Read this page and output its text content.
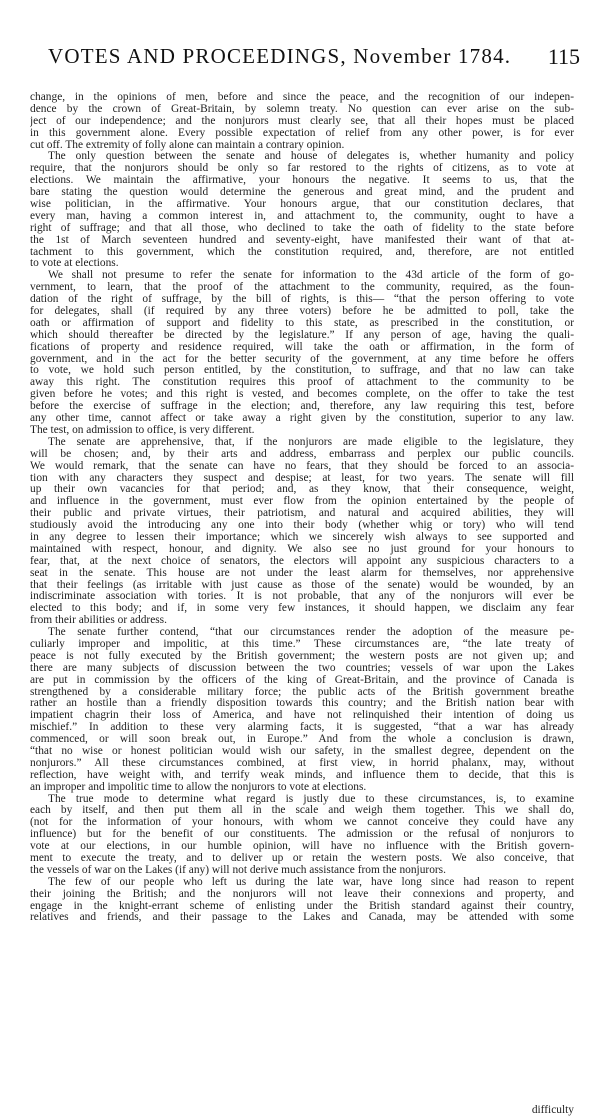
VOTES AND PROCEEDINGS, November 1784. 115
change, in the opinions of men, before and since the peace, and the recognition of our indepen-
dence by the crown of Great-Britain, by solemn treaty. No question can ever arise on the sub-
ject of our independence; and the nonjurors must clearly see, that all their hopes must be placed
in this government alone. Every possible expectation of relief from any other power, is for ever
cut off. The extremity of folly alone can maintain a contrary opinion.
The only question between the senate and house of delegates is, whether humanity and policy
require, that the nonjurors should be only so far restored to the rights of citizens, as to vote at
elections. We maintain the affirmative, your honours the negative. It seems to us, that the
bare stating the question would determine the generous and great mind, and the prudent and
wise politician, in the affirmative. Your honours argue, that our constitution declares, that
every man, having a common interest in, and attachment to, the community, ought to have a
right of suffrage; and that all those, who declined to take the oath of fidelity to the state before
the 1st of March seventeen hundred and seventy-eight, have manifested their want of that at-
tachment to this government, which the constitution required, and, therefore, are not entitled
to vote at elections.
We shall not presume to refer the senate for information to the 43d article of the form of go-
vernment, to learn, that the proof of the attachment to the community, required, as the foun-
dation of the right of suffrage, by the bill of rights, is this— “that the person offering to vote
for delegates, shall (if required by any three voters) before he be admitted to poll, take the
oath or affirmation of support and fidelity to this state, as prescribed in the constitution, or
which should thereafter be directed by the legislature.” If any person of age, having the quali-
fications of property and residence required, will take the oath or affirmation, in the form of
government, and in the act for the better security of the government, at any time before he offers
to vote, we hold such person entitled, by the constitution, to suffrage, and that no law can take
away this right. The constitution requires this proof of attachment to the community to be
given before he votes; and this right is vested, and becomes complete, on the offer to take the test
before the exercise of suffrage in the election; and, therefore, any law requiring this test, before
any other time, cannot affect or take away a right given by the constitution, superior to any law.
The test, on admission to office, is very different.
The senate are apprehensive, that, if the nonjurors are made eligible to the legislature, they
will be chosen; and, by their arts and address, embarrass and perplex our public councils.
We would remark, that the senate can have no fears, that they should be forced to an associa-
tion with any characters they suspect and despise; at least, for two years. The senate will fill
up their own vacancies for that period; and, as they know, that their consequence, weight,
and influence in the government, must ever flow from the opinion entertained by the people of
their public and private virtues, their patriotism, and natural and acquired abilities, they will
studiously avoid the introducing any one into their body (whether whig or tory) who will tend
in any degree to lessen their importance; which we sincerely wish always to see supported and
maintained with respect, honour, and dignity. We also see no just ground for your honours to
fear, that, at the next choice of senators, the electors will appoint any suspicious characters to a
seat in the senate. This house are not under the least alarm for themselves, nor apprehensive
that their feelings (as irritable with just cause as those of the senate) would be wounded, by an
indiscriminate association with tories. It is not probable, that any of the nonjurors will ever be
elected to this body; and if, in some very few instances, it should happen, we disclaim any fear
from their abilities or address.
The senate further contend, “that our circumstances render the adoption of the measure pe-
culiarly improper and impolitic, at this time.” These circumstances are, “the late treaty of
peace is not fully executed by the British government; the western posts are not given up; and
there are many subjects of discussion between the two countries; vessels of war upon the Lakes
are put in commission by the officers of the king of Great-Britain, and the province of Canada is
strengthened by a considerable military force; the public acts of the British government breathe
rather an hostile than a friendly disposition towards this country; and the British nation bear with
impatient chagrin their loss of America, and have not relinquished their intention of doing us
mischief.” In addition to these very alarming facts, it is suggested, “that a war has already
commenced, or will soon break out, in Europe.” And from the whole a conclusion is drawn,
“that no wise or honest politician would wish our safety, in the smallest degree, dependent on the
nonjurors.” All these circumstances combined, at first view, in horrid phalanx, may, without
reflection, have weight with, and terrify weak minds, and influence them to decide, that this is
an improper and impolitic time to allow the nonjurors to vote at elections.
The true mode to determine what regard is justly due to these circumstances, is, to examine
each by itself, and then put them all in the scale and weigh them together. This we shall do,
(not for the information of your honours, with whom we cannot conceive they could have any
influence) but for the benefit of our constituents. The admission or the refusal of nonjurors to
vote at our elections, in our humble opinion, will have no influence with the British govern-
ment to execute the treaty, and to deliver up or retain the western posts. We also conceive, that
the vessels of war on the Lakes (if any) will not derive much assistance from the nonjurors.
The few of our people who left us during the late war, have long since had reason to repent
their joining the British; and the nonjurors will not leave their connexions and property, and
engage in the knight-errant scheme of enlisting under the British standard against their country,
relatives and friends, and their passage to the Lakes and Canada, may be attended with some
difficulty
